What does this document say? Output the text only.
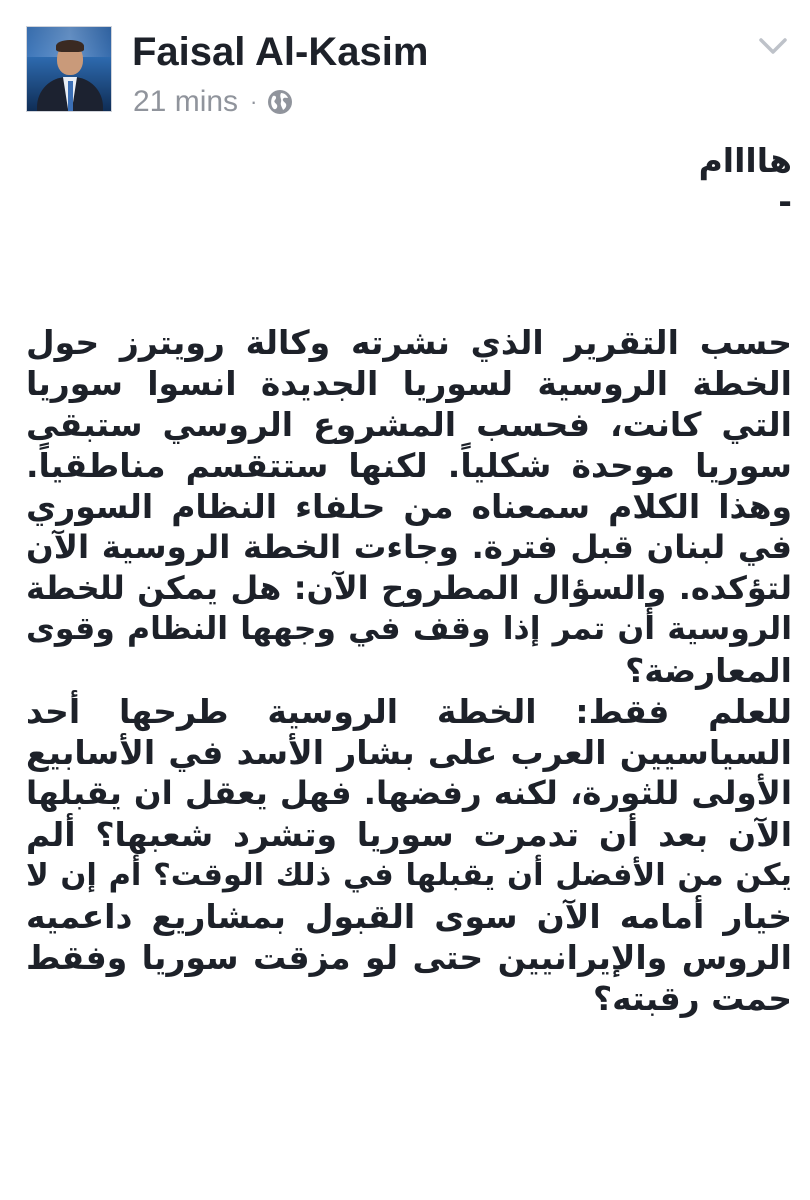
Faisal Al-Kasim
21 mins ·
هاااام
-
حسب التقرير الذي نشرته وكالة رويترز حول
الخطة الروسية لسوريا الجديدة انسوا سوريا
التي كانت، فحسب المشروع الروسي ستبقى
سوريا موحدة شكلياً. لكنها ستتقسم مناطقياً.
وهذا الكلام سمعناه من حلفاء النظام السوري
في لبنان قبل فترة. وجاءت الخطة الروسية الآن
لتؤكده. والسؤال المطروح الآن: هل يمكن للخطة
الروسية أن تمر إذا وقف في وجهها النظام وقوى
المعارضة؟
للعلم فقط: الخطة الروسية طرحها أحد
السياسيين العرب على بشار الأسد في الأسابيع
الأولى للثورة، لكنه رفضها. فهل يعقل ان يقبلها
الآن بعد أن تدمرت سوريا وتشرد شعبها؟ ألم
يكن من الأفضل أن يقبلها في ذلك الوقت؟ أم إن لا
خيار أمامه الآن سوى القبول بمشاريع داعميه
الروس والإيرانيين حتى لو مزقت سوريا وفقط
حمت رقبته؟
